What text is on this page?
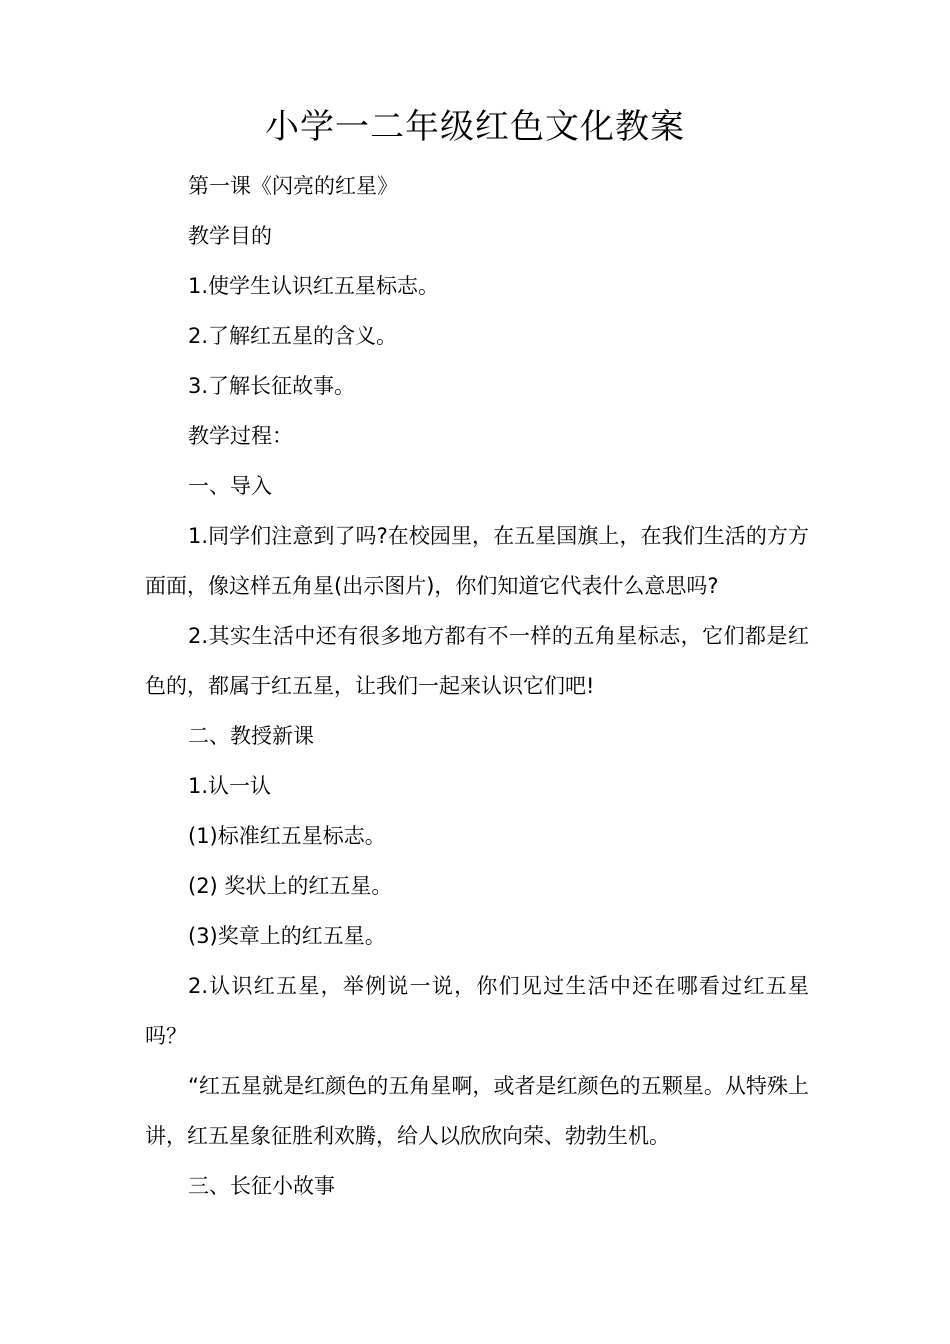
小学一二年级红色文化教案

第一课《闪亮的红星》

教学目的

1.使学生认识红五星标志。

2.了解红五星的含义。

3.了解长征故事。

教学过程：

一、导入

1.同学们注意到了吗?在校园里，在五星国旗上，在我们生活的方方面面，像这样五角星(出示图片)，你们知道它代表什么意思吗?

2.其实生活中还有很多地方都有不一样的五角星标志，它们都是红色的，都属于红五星，让我们一起来认识它们吧!

二、教授新课

1.认一认

(1)标准红五星标志。

(2) 奖状上的红五星。

(3)奖章上的红五星。

2.认识红五星，举例说一说，你们见过生活中还在哪看过红五星吗？

“红五星就是红颜色的五角星啊，或者是红颜色的五颗星。从特殊上讲，红五星象征胜利欢腾，给人以欣欣向荣、勃勃生机。

三、长征小故事
